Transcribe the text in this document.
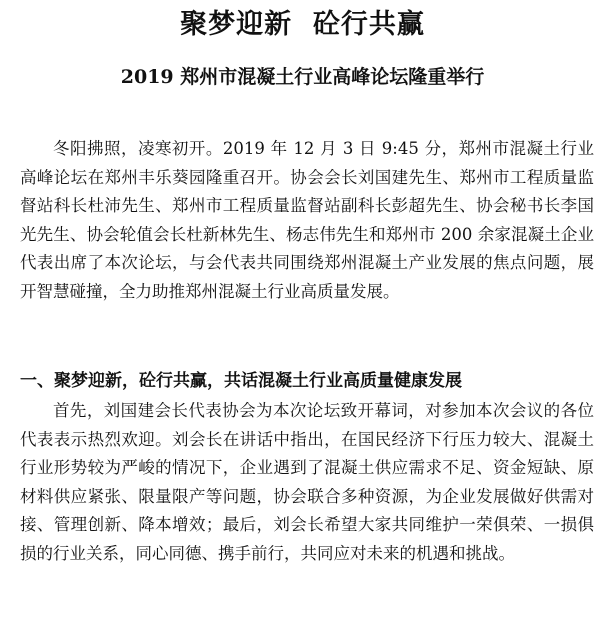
聚梦迎新  砼行共赢
2019 郑州市混凝土行业高峰论坛隆重举行

冬阳拂照，凌寒初开。2019 年 12 月 3 日 9:45 分，郑州市混凝土行业高峰论坛在郑州丰乐葵园隆重召开。协会会长刘国建先生、郑州市工程质量监督站科长杜沛先生、郑州市工程质量监督站副科长彭超先生、协会秘书长李国光先生、协会轮值会长杜新林先生、杨志伟先生和郑州市 200 余家混凝土企业代表出席了本次论坛，与会代表共同围绕郑州混凝土产业发展的焦点问题，展开智慧碰撞，全力助推郑州混凝土行业高质量发展。

一、聚梦迎新，砼行共赢，共话混凝土行业高质量健康发展

首先，刘国建会长代表协会为本次论坛致开幕词，对参加本次会议的各位代表表示热烈欢迎。刘会长在讲话中指出，在国民经济下行压力较大、混凝土行业形势较为严峻的情况下，企业遇到了混凝土供应需求不足、资金短缺、原材料供应紧张、限量限产等问题，协会联合多种资源，为企业发展做好供需对接、管理创新、降本增效；最后，刘会长希望大家共同维护一荣俱荣、一损俱损的行业关系，同心同德、携手前行，共同应对未来的机遇和挑战。
